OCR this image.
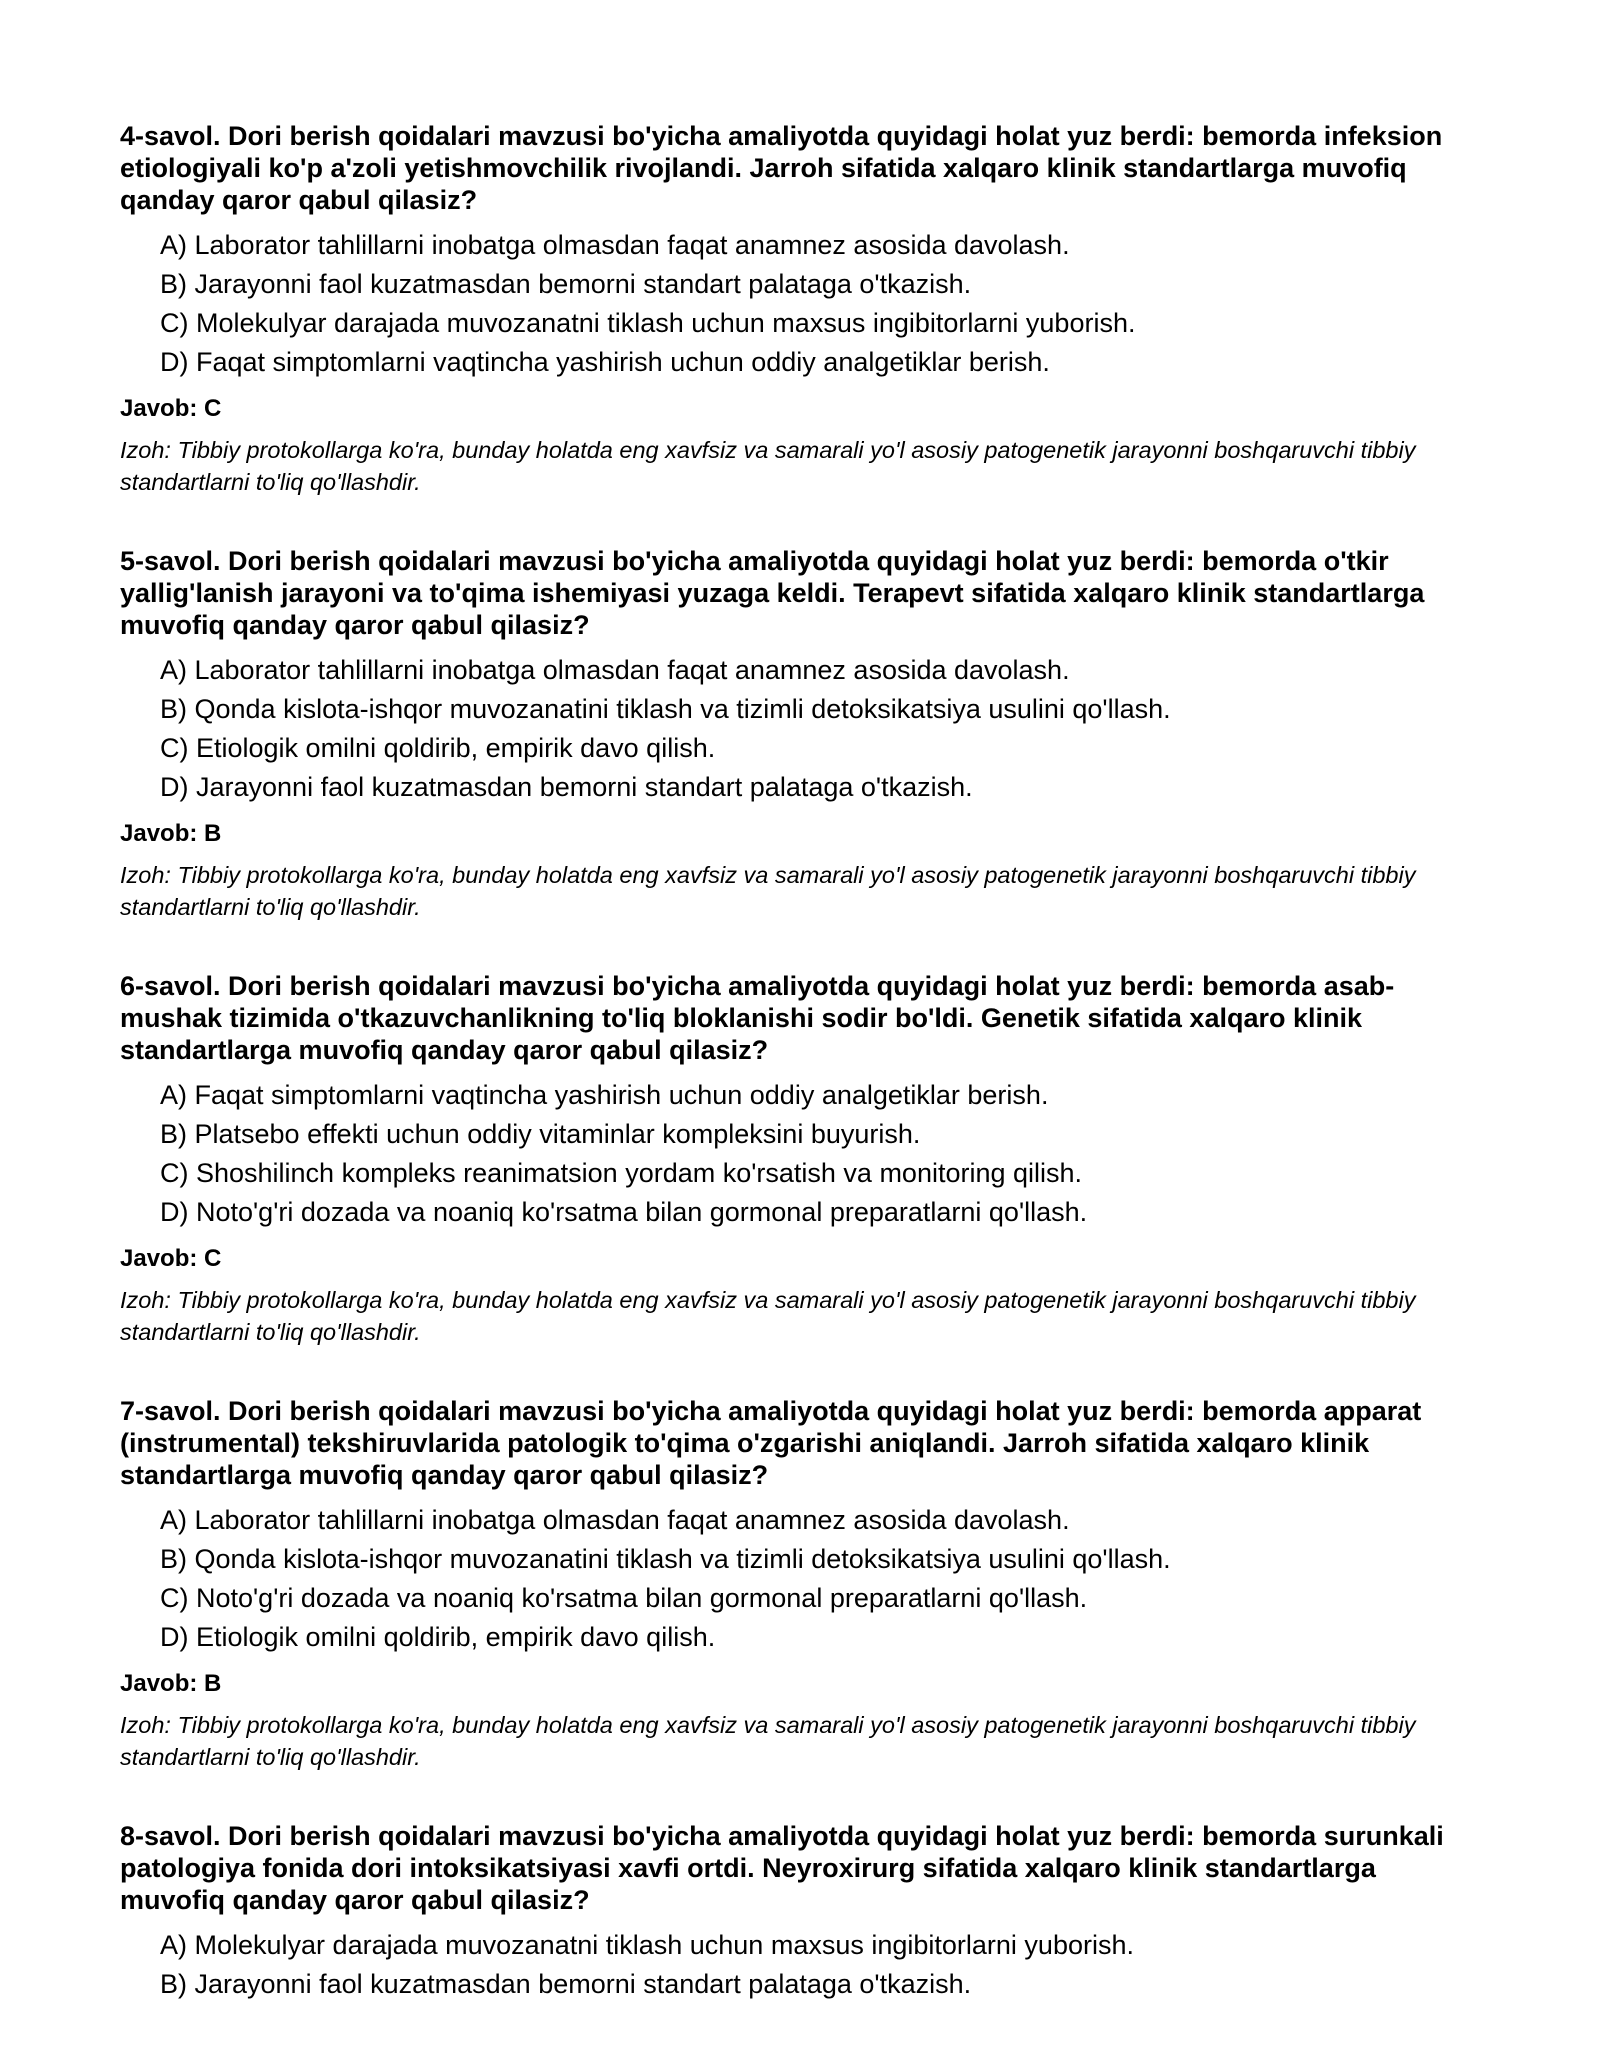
4-savol. Dori berish qoidalari mavzusi bo'yicha amaliyotda quyidagi holat yuz berdi: bemorda infeksion etiologiyali ko'p a'zoli yetishmovchilik rivojlandi. Jarroh sifatida xalqaro klinik standartlarga muvofiq qanday qaror qabul qilasiz?
A) Laborator tahlillarni inobatga olmasdan faqat anamnez asosida davolash.
B) Jarayonni faol kuzatmasdan bemorni standart palataga o'tkazish.
C) Molekulyar darajada muvozanatni tiklash uchun maxsus ingibitorlarni yuborish.
D) Faqat simptomlarni vaqtincha yashirish uchun oddiy analgetiklar berish.
Javob: C

Izoh: Tibbiy protokollarga ko'ra, bunday holatda eng xavfsiz va samarali yo'l asosiy patogenetik jarayonni boshqaruvchi tibbiy standartlarni to'liq qo'llashdir.

5-savol. Dori berish qoidalari mavzusi bo'yicha amaliyotda quyidagi holat yuz berdi: bemorda o'tkir yallig'lanish jarayoni va to'qima ishemiyasi yuzaga keldi. Terapevt sifatida xalqaro klinik standartlarga muvofiq qanday qaror qabul qilasiz?
A) Laborator tahlillarni inobatga olmasdan faqat anamnez asosida davolash.
B) Qonda kislota-ishqor muvozanatini tiklash va tizimli detoksikatsiya usulini qo'llash.
C) Etiologik omilni qoldirib, empirik davo qilish.
D) Jarayonni faol kuzatmasdan bemorni standart palataga o'tkazish.
Javob: B

Izoh: Tibbiy protokollarga ko'ra, bunday holatda eng xavfsiz va samarali yo'l asosiy patogenetik jarayonni boshqaruvchi tibbiy standartlarni to'liq qo'llashdir.

6-savol. Dori berish qoidalari mavzusi bo'yicha amaliyotda quyidagi holat yuz berdi: bemorda asab-mushak tizimida o'tkazuvchanlikning to'liq bloklanishi sodir bo'ldi. Genetik sifatida xalqaro klinik standartlarga muvofiq qanday qaror qabul qilasiz?
A) Faqat simptomlarni vaqtincha yashirish uchun oddiy analgetiklar berish.
B) Platsebo effekti uchun oddiy vitaminlar kompleksini buyurish.
C) Shoshilinch kompleks reanimatsion yordam ko'rsatish va monitoring qilish.
D) Noto'g'ri dozada va noaniq ko'rsatma bilan gormonal preparatlarni qo'llash.
Javob: C

Izoh: Tibbiy protokollarga ko'ra, bunday holatda eng xavfsiz va samarali yo'l asosiy patogenetik jarayonni boshqaruvchi tibbiy standartlarni to'liq qo'llashdir.

7-savol. Dori berish qoidalari mavzusi bo'yicha amaliyotda quyidagi holat yuz berdi: bemorda apparat (instrumental) tekshiruvlarida patologik to'qima o'zgarishi aniqlandi. Jarroh sifatida xalqaro klinik standartlarga muvofiq qanday qaror qabul qilasiz?
A) Laborator tahlillarni inobatga olmasdan faqat anamnez asosida davolash.
B) Qonda kislota-ishqor muvozanatini tiklash va tizimli detoksikatsiya usulini qo'llash.
C) Noto'g'ri dozada va noaniq ko'rsatma bilan gormonal preparatlarni qo'llash.
D) Etiologik omilni qoldirib, empirik davo qilish.
Javob: B

Izoh: Tibbiy protokollarga ko'ra, bunday holatda eng xavfsiz va samarali yo'l asosiy patogenetik jarayonni boshqaruvchi tibbiy standartlarni to'liq qo'llashdir.

8-savol. Dori berish qoidalari mavzusi bo'yicha amaliyotda quyidagi holat yuz berdi: bemorda surunkali patologiya fonida dori intoksikatsiyasi xavfi ortdi. Neyroxirurg sifatida xalqaro klinik standartlarga muvofiq qanday qaror qabul qilasiz?
A) Molekulyar darajada muvozanatni tiklash uchun maxsus ingibitorlarni yuborish.
B) Jarayonni faol kuzatmasdan bemorni standart palataga o'tkazish.
